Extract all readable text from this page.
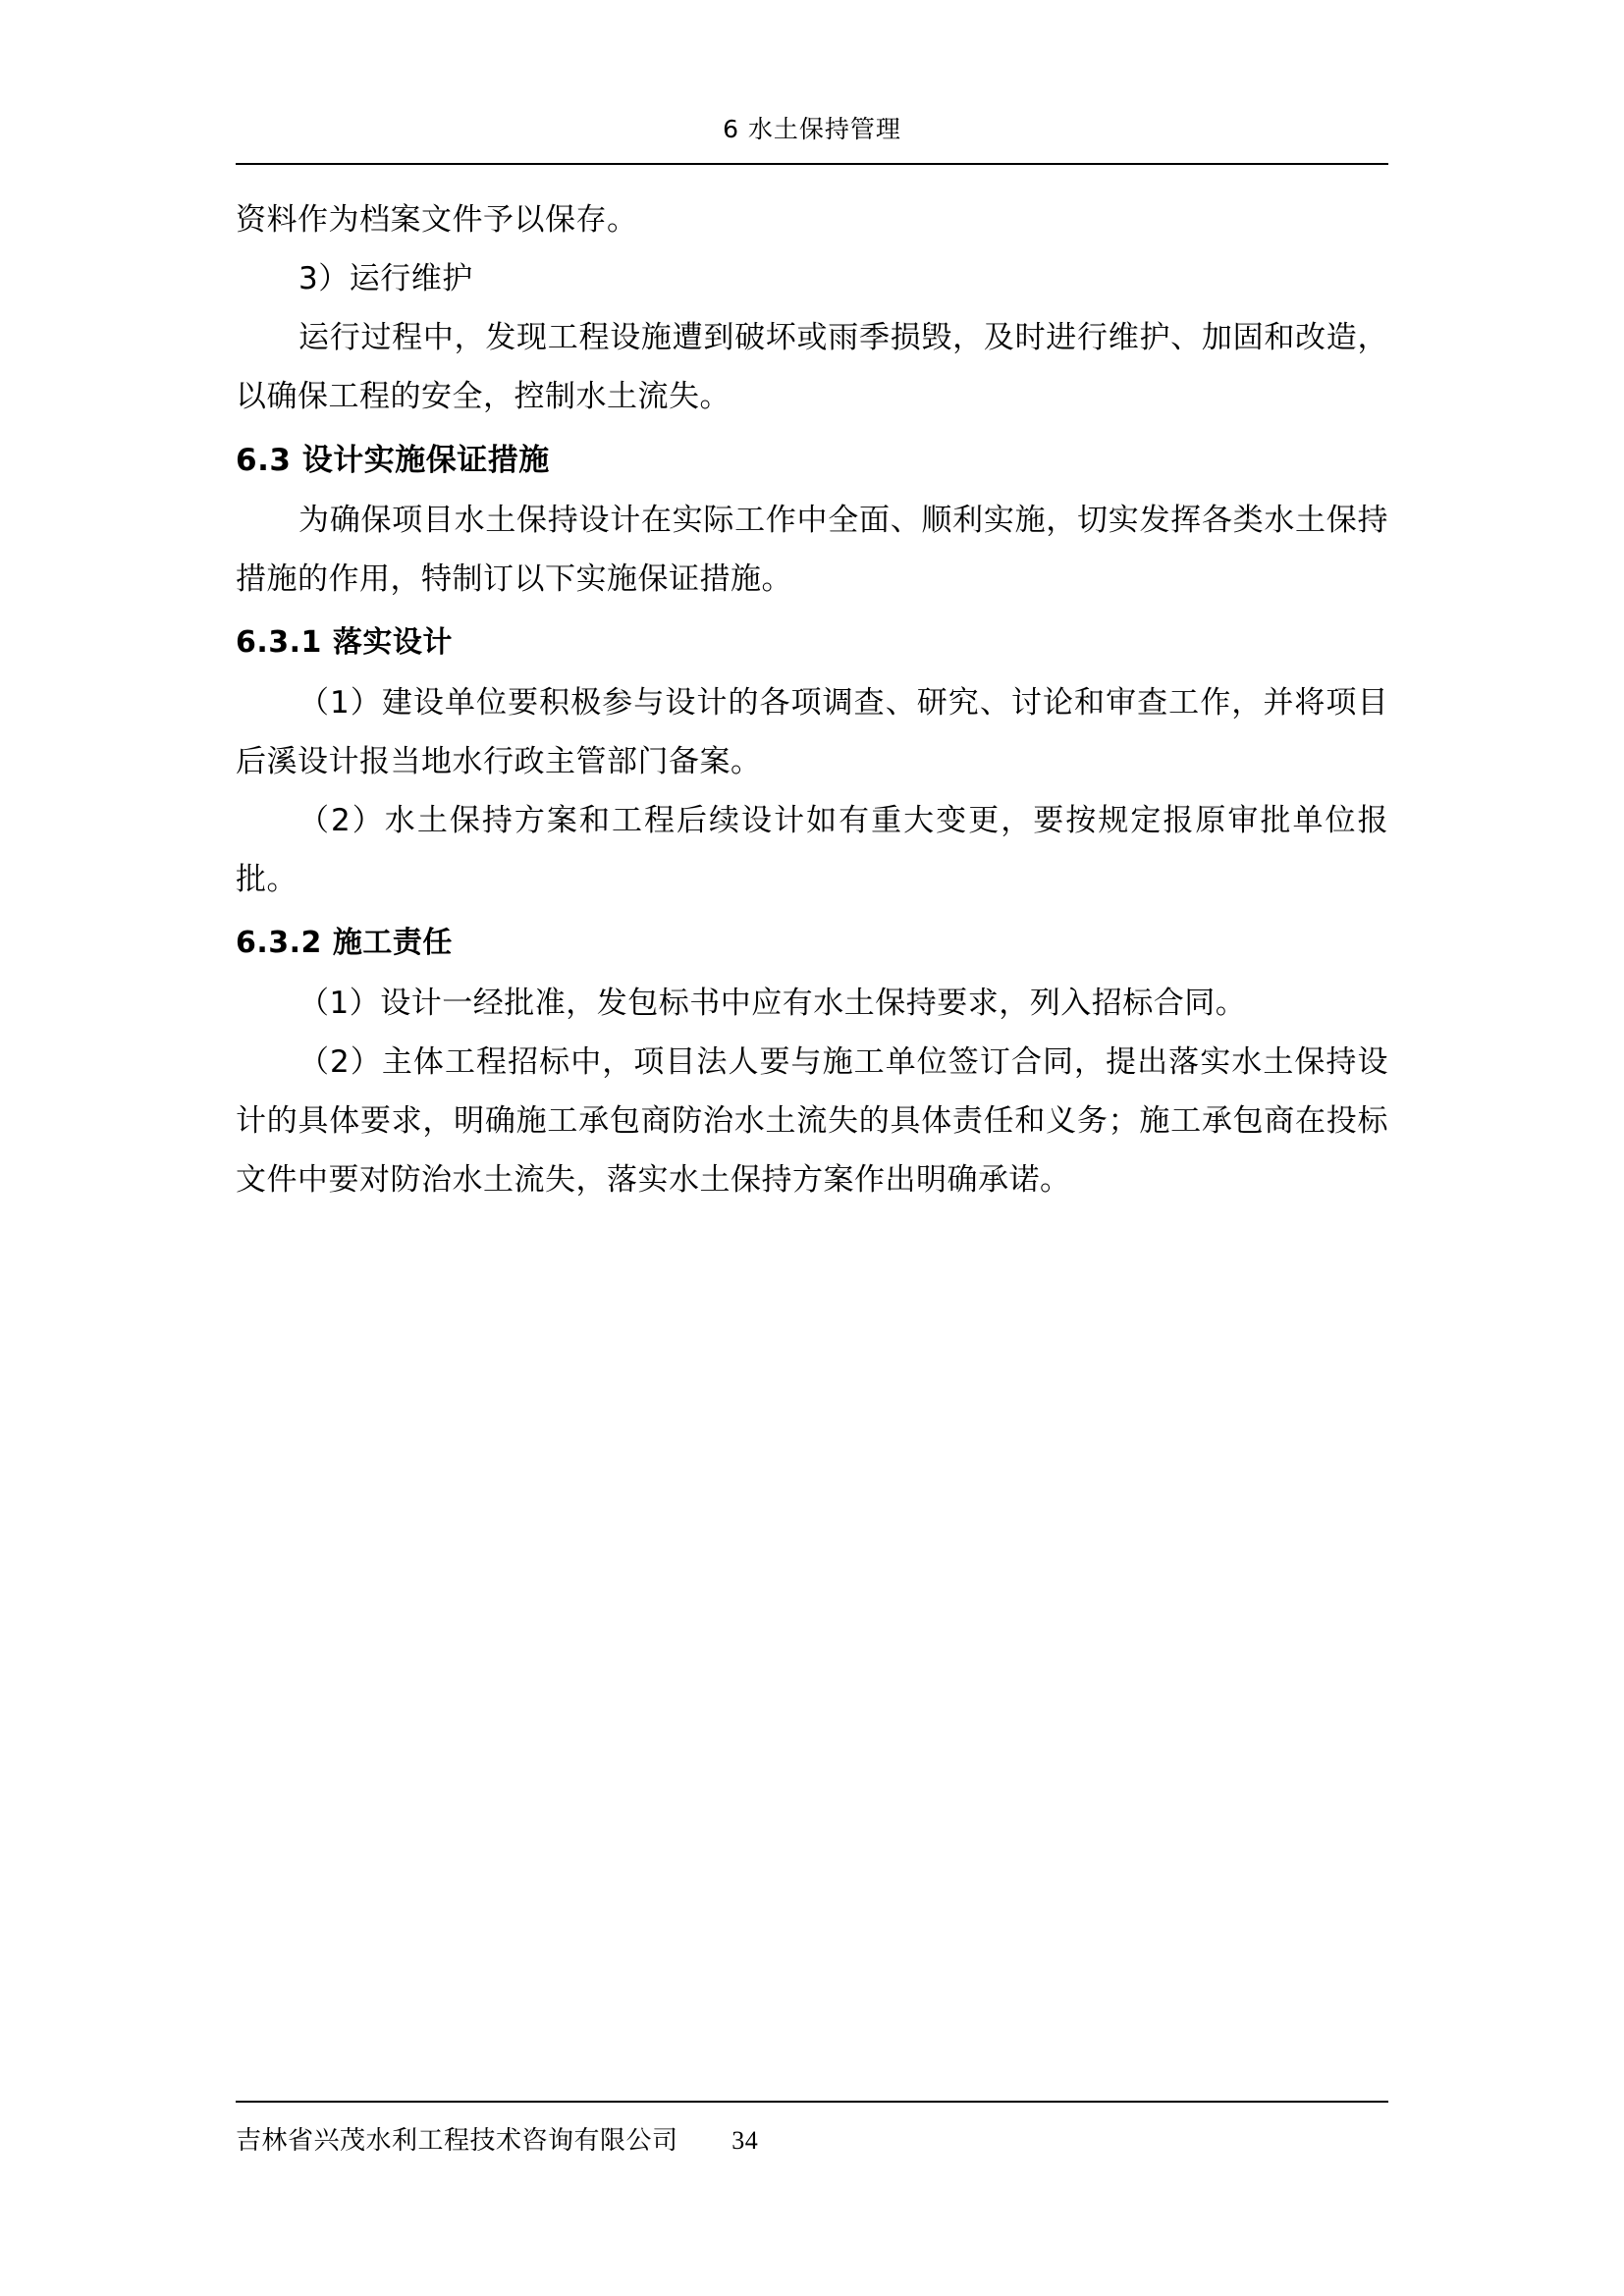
6 水土保持管理

资料作为档案文件予以保存。

3）运行维护

运行过程中，发现工程设施遭到破坏或雨季损毁，及时进行维护、加固和改造，以确保工程的安全，控制水土流失。

6.3 设计实施保证措施

为确保项目水土保持设计在实际工作中全面、顺利实施，切实发挥各类水土保持措施的作用，特制订以下实施保证措施。

6.3.1 落实设计

（1）建设单位要积极参与设计的各项调查、研究、讨论和审查工作，并将项目后溪设计报当地水行政主管部门备案。

（2）水土保持方案和工程后续设计如有重大变更，要按规定报原审批单位报批。

6.3.2 施工责任

（1）设计一经批准，发包标书中应有水土保持要求，列入招标合同。

（2）主体工程招标中，项目法人要与施工单位签订合同，提出落实水土保持设计的具体要求，明确施工承包商防治水土流失的具体责任和义务；施工承包商在投标文件中要对防治水土流失，落实水土保持方案作出明确承诺。

吉林省兴茂水利工程技术咨询有限公司 34
